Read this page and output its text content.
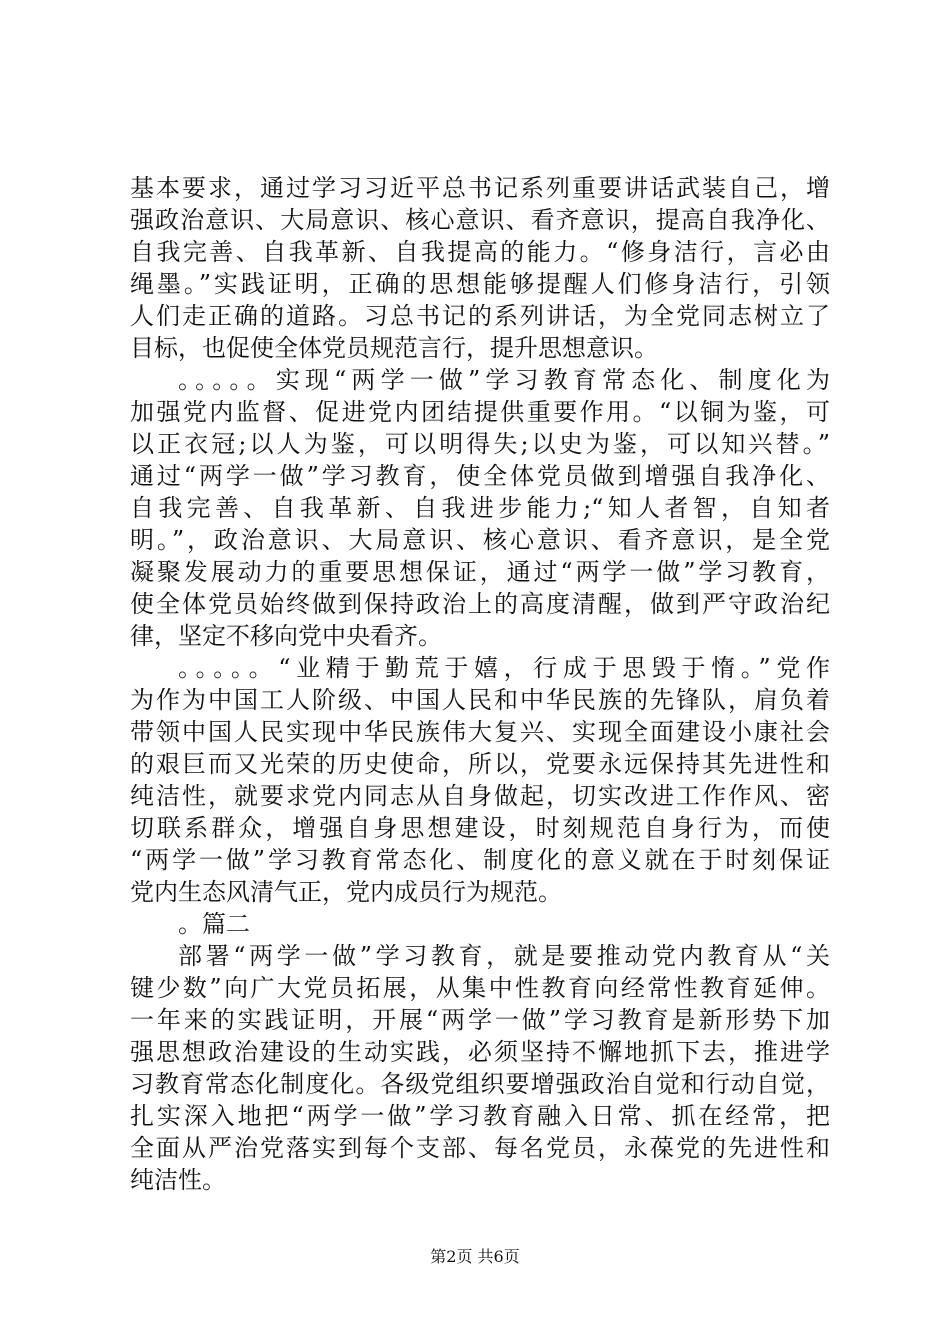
基本要求，通过学习习近平总书记系列重要讲话武装自己，增
强政治意识、大局意识、核心意识、看齐意识，提高自我净化、
自我完善、自我革新、自我提高的能力。“修身洁行，言必由
绳墨。”实践证明，正确的思想能够提醒人们修身洁行，引领
人们走正确的道路。习总书记的系列讲话，为全党同志树立了
目标，也促使全体党员规范言行，提升思想意识。
。。。。。实现“两学一做”学习教育常态化、制度化为
加强党内监督、促进党内团结提供重要作用。“以铜为鉴，可
以正衣冠;以人为鉴，可以明得失;以史为鉴，可以知兴替。”
通过“两学一做”学习教育，使全体党员做到增强自我净化、
自我完善、自我革新、自我进步能力;“知人者智，自知者
明。”，政治意识、大局意识、核心意识、看齐意识，是全党
凝聚发展动力的重要思想保证，通过“两学一做”学习教育，
使全体党员始终做到保持政治上的高度清醒，做到严守政治纪
律，坚定不移向党中央看齐。
。。。。。“业精于勤荒于嬉，行成于思毁于惰。”党作
为作为中国工人阶级、中国人民和中华民族的先锋队，肩负着
带领中国人民实现中华民族伟大复兴、实现全面建设小康社会
的艰巨而又光荣的历史使命，所以，党要永远保持其先进性和
纯洁性，就要求党内同志从自身做起，切实改进工作作风、密
切联系群众，增强自身思想建设，时刻规范自身行为，而使
“两学一做”学习教育常态化、制度化的意义就在于时刻保证
党内生态风清气正，党内成员行为规范。
。篇二
部署“两学一做”学习教育，就是要推动党内教育从“关
键少数”向广大党员拓展，从集中性教育向经常性教育延伸。
一年来的实践证明，开展“两学一做”学习教育是新形势下加
强思想政治建设的生动实践，必须坚持不懈地抓下去，推进学
习教育常态化制度化。各级党组织要增强政治自觉和行动自觉，
扎实深入地把“两学一做”学习教育融入日常、抓在经常，把
全面从严治党落实到每个支部、每名党员，永葆党的先进性和
纯洁性。
第2页 共6页
